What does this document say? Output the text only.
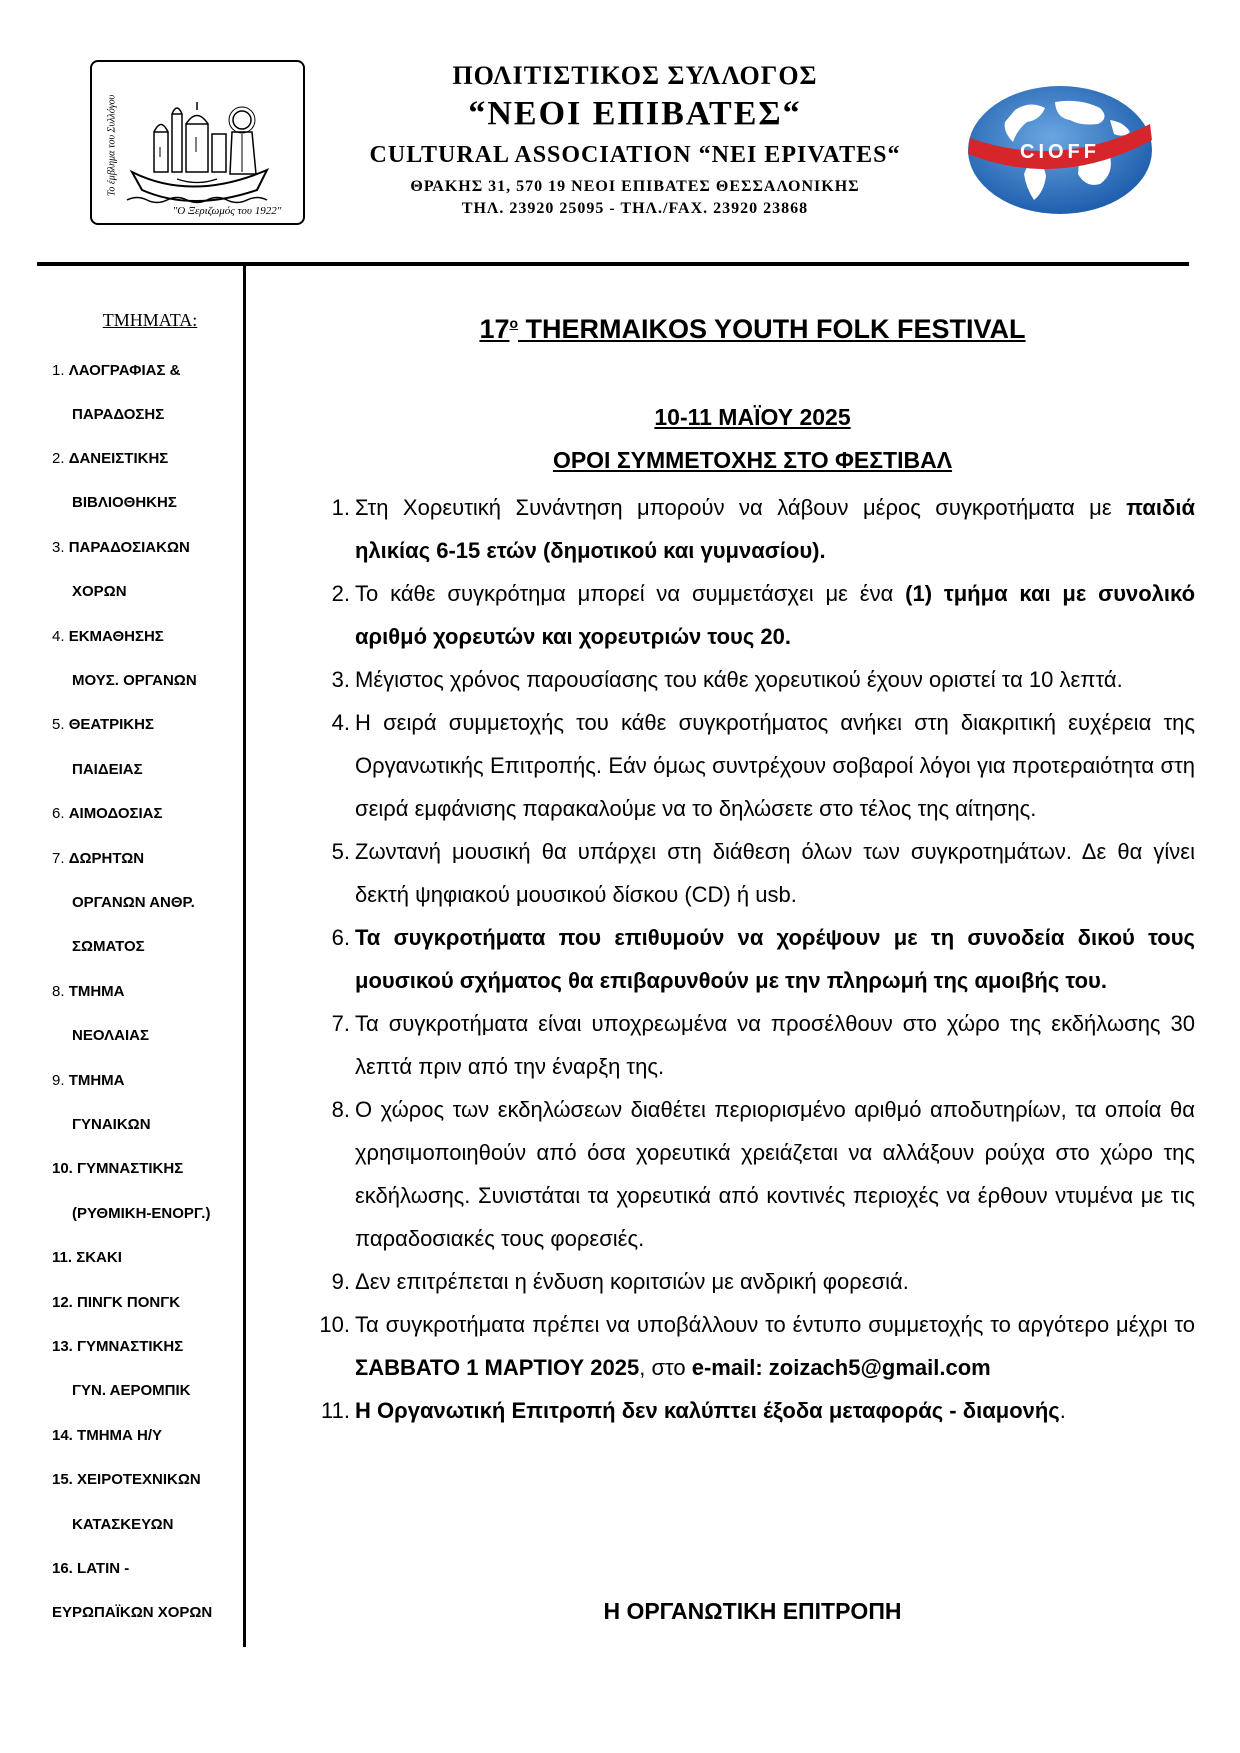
Το έμβλημα του Συλλόγου
"Ο Ξεριζωμός του 1922"
ΠΟΛΙΤΙΣΤΙΚΟΣ ΣΥΛΛΟΓΟΣ
“ΝΕΟΙ ΕΠΙΒΑΤΕΣ“
CULTURAL ASSOCIATION “NEI EPIVATES“
ΘΡΑΚΗΣ 31, 570 19 ΝΕΟΙ ΕΠΙΒΑΤΕΣ ΘΕΣΣΑΛΟΝΙΚΗΣ
ΤΗΛ. 23920 25095 - ΤΗΛ./FAX. 23920 23868
CIOFF
ΤΜΗΜΑΤΑ:
1. ΛΑΟΓΡΑΦΙΑΣ &
ΠΑΡΑΔΟΣΗΣ
2. ΔΑΝΕΙΣΤΙΚΗΣ
ΒΙΒΛΙΟΘΗΚΗΣ
3. ΠΑΡΑΔΟΣΙΑΚΩΝ
ΧΟΡΩΝ
4. ΕΚΜΑΘΗΣΗΣ
ΜΟΥΣ. ΟΡΓΑΝΩΝ
5. ΘΕΑΤΡΙΚΗΣ
ΠΑΙΔΕΙΑΣ
6. ΑΙΜΟΔΟΣΙΑΣ
7. ΔΩΡΗΤΩΝ
ΟΡΓΑΝΩΝ ΑΝΘΡ.
ΣΩΜΑΤΟΣ
8. ΤΜΗΜΑ
ΝΕΟΛΑΙΑΣ
9. ΤΜΗΜΑ
ΓΥΝΑΙΚΩΝ
10. ΓΥΜΝΑΣΤΙΚΗΣ
(ΡΥΘΜΙΚΗ-ΕΝΟΡΓ.)
11. ΣΚΑΚΙ
12. ΠΙΝΓΚ ΠΟΝΓΚ
13. ΓΥΜΝΑΣΤΙΚΗΣ
ΓΥΝ. ΑΕΡΟΜΠΙΚ
14. ΤΜΗΜΑ Η/Υ
15. ΧΕΙΡΟΤΕΧΝΙΚΩΝ
ΚΑΤΑΣΚΕΥΩΝ
16. LATIN -
ΕΥΡΩΠΑΪΚΩΝ ΧΟΡΩΝ
$17^o$ THERMAIKOS YOUTH FOLK FESTIVAL
10-11 ΜΑΪΟΥ 2025
ΟΡΟΙ ΣΥΜΜΕΤΟΧΗΣ ΣΤΟ ΦΕΣΤΙΒΑΛ
1. Στη Χορευτική Συνάντηση μπορούν να λάβουν μέρος συγκροτήματα με παιδιά ηλικίας 6-15 ετών (δημοτικού και γυμνασίου).
2. Το κάθε συγκρότημα μπορεί να συμμετάσχει με ένα (1) τμήμα και με συνολικό αριθμό χορευτών και χορευτριών τους 20.
3. Μέγιστος χρόνος παρουσίασης του κάθε χορευτικού έχουν οριστεί τα 10 λεπτά.
4. Η σειρά συμμετοχής του κάθε συγκροτήματος ανήκει στη διακριτική ευχέρεια της Οργανωτικής Επιτροπής. Εάν όμως συντρέχουν σοβαροί λόγοι για προτεραιότητα στη σειρά εμφάνισης παρακαλούμε να το δηλώσετε στο τέλος της αίτησης.
5. Ζωντανή μουσική θα υπάρχει στη διάθεση όλων των συγκροτημάτων. Δε θα γίνει δεκτή ψηφιακού μουσικού δίσκου (CD) ή usb.
6. Τα συγκροτήματα που επιθυμούν να χορέψουν με τη συνοδεία δικού τους μουσικού σχήματος θα επιβαρυνθούν με την πληρωμή της αμοιβής του.
7. Τα συγκροτήματα είναι υποχρεωμένα να προσέλθουν στο χώρο της εκδήλωσης 30 λεπτά πριν από την έναρξη της.
8. Ο χώρος των εκδηλώσεων διαθέτει περιορισμένο αριθμό αποδυτηρίων, τα οποία θα χρησιμοποιηθούν από όσα χορευτικά χρειάζεται να αλλάξουν ρούχα στο χώρο της εκδήλωσης. Συνιστάται τα χορευτικά από κοντινές περιοχές να έρθουν ντυμένα με τις παραδοσιακές τους φορεσιές.
9. Δεν επιτρέπεται η ένδυση κοριτσιών με ανδρική φορεσιά.
10. Τα συγκροτήματα πρέπει να υποβάλλουν το έντυπο συμμετοχής το αργότερο μέχρι το ΣΑΒΒΑΤΟ 1 ΜΑΡΤΙΟΥ 2025, στο e-mail: zoizach5@gmail.com
11. Η Οργανωτική Επιτροπή δεν καλύπτει έξοδα μεταφοράς - διαμονής.
Η ΟΡΓΑΝΩΤΙΚΗ ΕΠΙΤΡΟΠΗ
